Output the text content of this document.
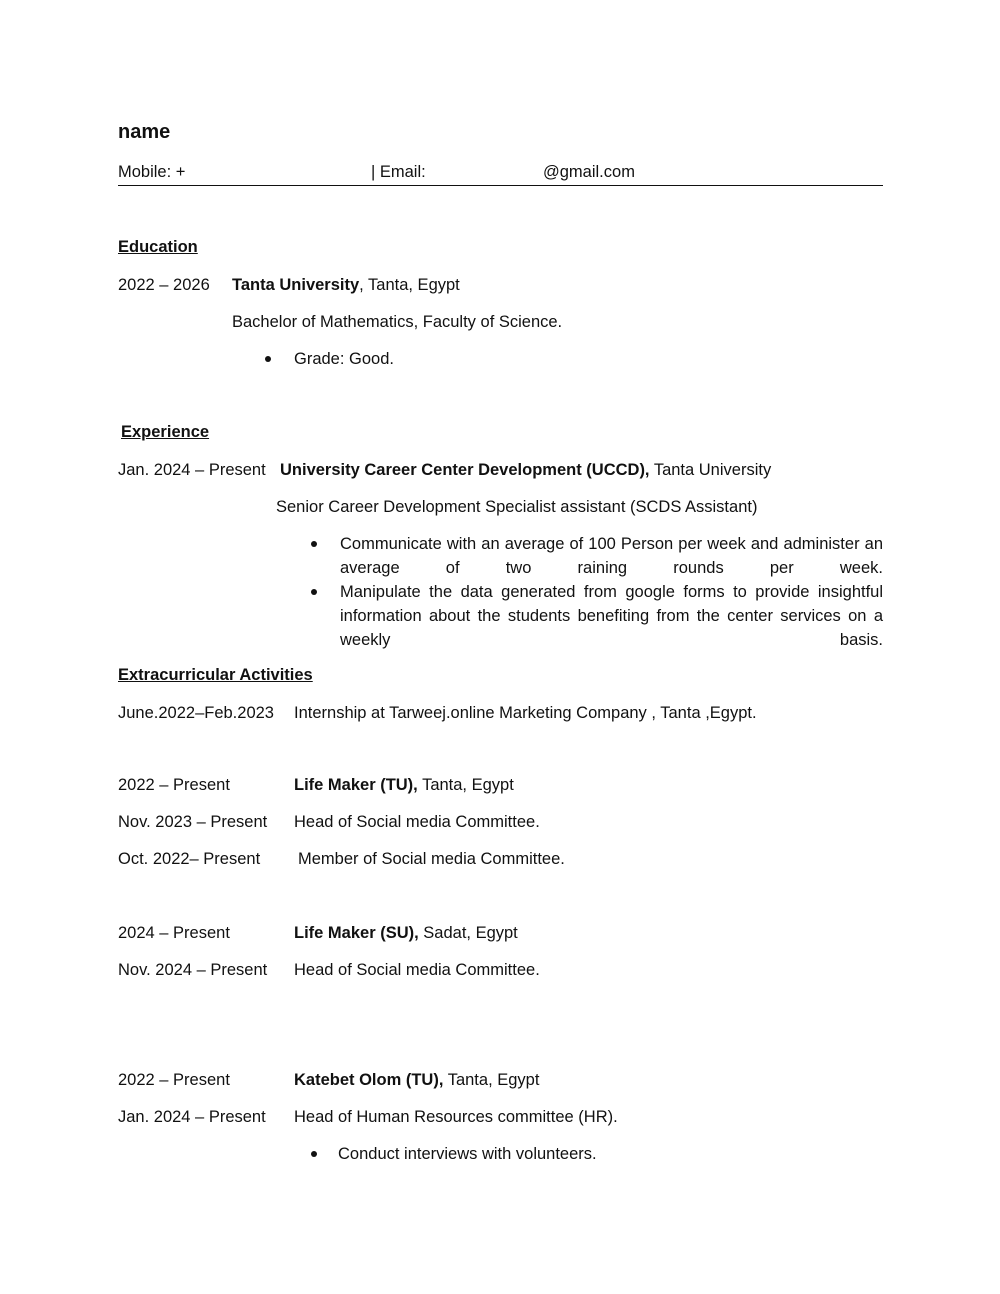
name
Mobile: +	| Email:	@gmail.com
Education
2022 – 2026 Tanta University, Tanta, Egypt
Bachelor of Mathematics, Faculty of Science.
Grade: Good.
Experience
Jan. 2024 – Present University Career Center Development (UCCD), Tanta University
Senior Career Development Specialist assistant (SCDS Assistant)
Communicate with an average of 100 Person per week and administer an average of two raining rounds per week.
Manipulate the data generated from google forms to provide insightful information about the students benefiting from the center services on a weekly basis.
Extracurricular Activities
June.2022–Feb.2023 Internship at Tarweej.online Marketing Company , Tanta ,Egypt.
2022 – Present	Life Maker (TU), Tanta, Egypt
Nov. 2023 – Present Head of Social media Committee.
Oct. 2022– Present Member of Social media Committee.
2024 – Present	Life Maker (SU), Sadat, Egypt
Nov. 2024 – Present Head of Social media Committee.
2022 – Present	Katebet Olom (TU), Tanta, Egypt
Jan. 2024 – Present Head of Human Resources committee (HR).
Conduct interviews with volunteers.
